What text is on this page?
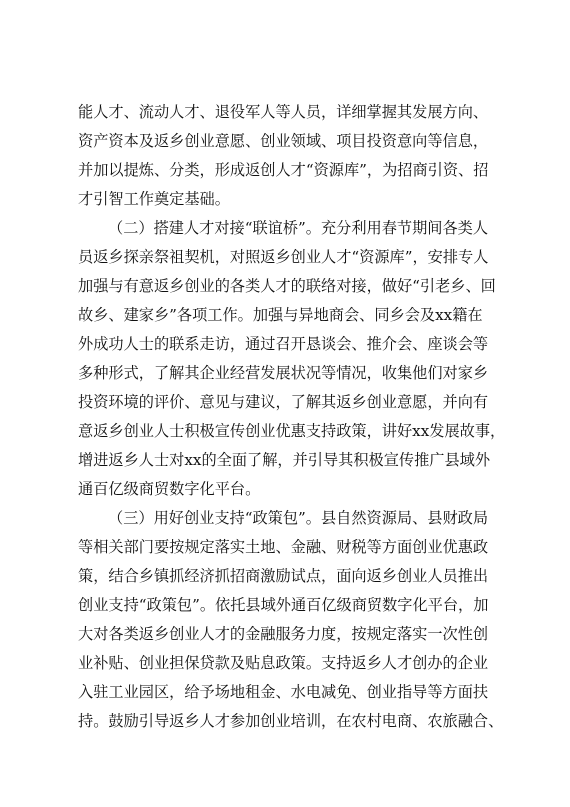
能人才、流动人才、退役军人等人员，详细掌握其发展方向、
资产资本及返乡创业意愿、创业领域、项目投资意向等信息，
并加以提炼、分类，形成返创人才“资源库”，为招商引资、招
才引智工作奠定基础。
（二）搭建人才对接“联谊桥”。充分利用春节期间各类人
员返乡探亲祭祖契机，对照返乡创业人才“资源库”，安排专人
加强与有意返乡创业的各类人才的联络对接，做好“引老乡、回
故乡、建家乡”各项工作。加强与异地商会、同乡会及xx籍在
外成功人士的联系走访，通过召开恳谈会、推介会、座谈会等
多种形式，了解其企业经营发展状况等情况，收集他们对家乡
投资环境的评价、意见与建议，了解其返乡创业意愿，并向有
意返乡创业人士积极宣传创业优惠支持政策，讲好xx发展故事，
增进返乡人士对xx的全面了解，并引导其积极宣传推广县域外
通百亿级商贸数字化平台。
（三）用好创业支持“政策包”。县自然资源局、县财政局
等相关部门要按规定落实土地、金融、财税等方面创业优惠政
策，结合乡镇抓经济抓招商激励试点，面向返乡创业人员推出
创业支持“政策包”。依托县域外通百亿级商贸数字化平台，加
大对各类返乡创业人才的金融服务力度，按规定落实一次性创
业补贴、创业担保贷款及贴息政策。支持返乡人才创办的企业
入驻工业园区，给予场地租金、水电减免、创业指导等方面扶
持。鼓励引导返乡人才参加创业培训，在农村电商、农旅融合、
